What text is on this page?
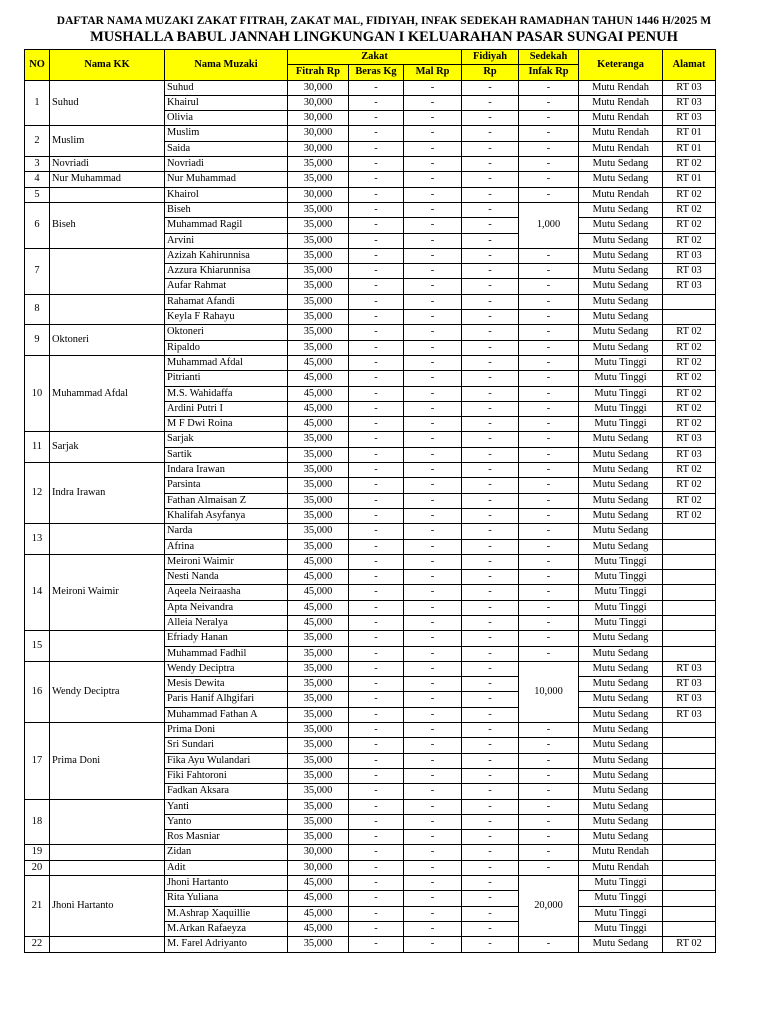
DAFTAR NAMA MUZAKI ZAKAT FITRAH, ZAKAT MAL, FIDIYAH, INFAK SEDEKAH RAMADHAN TAHUN 1446 H/2025 M
MUSHALLA BABUL JANNAH LINGKUNGAN I KELUARAHAN PASAR SUNGAI PENUH
NO	Nama KK	Nama Muzaki	Zakat			Fidiyah	Sedekah	Keteranga	Alamat
			Fitrah Rp	Beras Kg	Mal Rp	Rp	Infak Rp		
1	Suhud	Suhud	30,000	-	-	-	-	Mutu Rendah	RT 03
		Khairul	30,000	-	-	-	-	Mutu Rendah	RT 03
		Olivia	30,000	-	-	-	-	Mutu Rendah	RT 03
2	Muslim	Muslim	30,000	-	-	-	-	Mutu Rendah	RT 01
		Saida	30,000	-	-	-	-	Mutu Rendah	RT 01
3	Novriadi	Novriadi	35,000	-	-	-	-	Mutu Sedang	RT 02
4	Nur Muhammad	Nur Muhammad	35,000	-	-	-	-	Mutu Sedang	RT 01
5		Khairol	30,000	-	-	-	-	Mutu Rendah	RT 02
6	Biseh	Biseh	35,000	-	-	-	1,000	Mutu Sedang	RT 02
		Muhammad Ragil	35,000	-	-	-		Mutu Sedang	RT 02
		Arvini	35,000	-	-	-		Mutu Sedang	RT 02
7		Azizah Kahirunnisa	35,000	-	-	-	-	Mutu Sedang	RT 03
		Azzura Khiarunnisa	35,000	-	-	-	-	Mutu Sedang	RT 03
		Aufar Rahmat	35,000	-	-	-	-	Mutu Sedang	RT 03
8		Rahamat Afandi	35,000	-	-	-	-	Mutu Sedang	
		Keyla F Rahayu	35,000	-	-	-	-	Mutu Sedang	
9	Oktoneri	Oktoneri	35,000	-	-	-	-	Mutu Sedang	RT 02
		Ripaldo	35,000	-	-	-	-	Mutu Sedang	RT 02
10	Muhammad Afdal	Muhammad Afdal	45,000	-	-	-	-	Mutu Tinggi	RT 02
		Pitrianti	45,000	-	-	-	-	Mutu Tinggi	RT 02
		M.S. Wahidaffa	45,000	-	-	-	-	Mutu Tinggi	RT 02
		Ardini Putri I	45,000	-	-	-	-	Mutu Tinggi	RT 02
		M F Dwi Roina	45,000	-	-	-	-	Mutu Tinggi	RT 02
11	Sarjak	Sarjak	35,000	-	-	-	-	Mutu Sedang	RT 03
		Sartik	35,000	-	-	-	-	Mutu Sedang	RT 03
12	Indra Irawan	Indara Irawan	35,000	-	-	-	-	Mutu Sedang	RT 02
		Parsinta	35,000	-	-	-	-	Mutu Sedang	RT 02
		Fathan Almaisan Z	35,000	-	-	-	-	Mutu Sedang	RT 02
		Khalifah Asyfanya	35,000	-	-	-	-	Mutu Sedang	RT 02
13		Narda	35,000	-	-	-	-	Mutu Sedang	
		Afrina	35,000	-	-	-	-	Mutu Sedang	
14	Meironi Waimir	Meironi Waimir	45,000	-	-	-	-	Mutu Tinggi	
		Nesti Nanda	45,000	-	-	-	-	Mutu Tinggi	
		Aqeela Neiraasha	45,000	-	-	-	-	Mutu Tinggi	
		Apta Neivandra	45,000	-	-	-	-	Mutu Tinggi	
		Alleia Neralya	45,000	-	-	-	-	Mutu Tinggi	
15		Efriady Hanan	35,000	-	-	-	-	Mutu Sedang	
		Muhammad Fadhil	35,000	-	-	-	-	Mutu Sedang	
16	Wendy Deciptra	Wendy Deciptra	35,000	-	-	-	10,000	Mutu Sedang	RT 03
		Mesis Dewita	35,000	-	-	-		Mutu Sedang	RT 03
		Paris Hanif Alhgifari	35,000	-	-	-		Mutu Sedang	RT 03
		Muhammad Fathan A	35,000	-	-	-		Mutu Sedang	RT 03
17	Prima Doni	Prima Doni	35,000	-	-	-	-	Mutu Sedang	
		Sri Sundari	35,000	-	-	-	-	Mutu Sedang	
		Fika Ayu Wulandari	35,000	-	-	-	-	Mutu Sedang	
		Fiki Fahtoroni	35,000	-	-	-	-	Mutu Sedang	
		Fadkan Aksara	35,000	-	-	-	-	Mutu Sedang	
18		Yanti	35,000	-	-	-	-	Mutu Sedang	
		Yanto	35,000	-	-	-	-	Mutu Sedang	
		Ros Masniar	35,000	-	-	-	-	Mutu Sedang	
19		Zidan	30,000	-	-	-	-	Mutu Rendah	
20		Adit	30,000	-	-	-	-	Mutu Rendah	
21	Jhoni Hartanto	Jhoni Hartanto	45,000	-	-	-	20,000	Mutu Tinggi	
		Rita Yuliana	45,000	-	-	-		Mutu Tinggi	
		M.Ashrap Xaquillie	45,000	-	-	-		Mutu Tinggi	
		M.Arkan Rafaeyza	45,000	-	-	-		Mutu Tinggi	
22		M. Farel Adriyanto	35,000	-	-	-	-	Mutu Sedang	RT 02
